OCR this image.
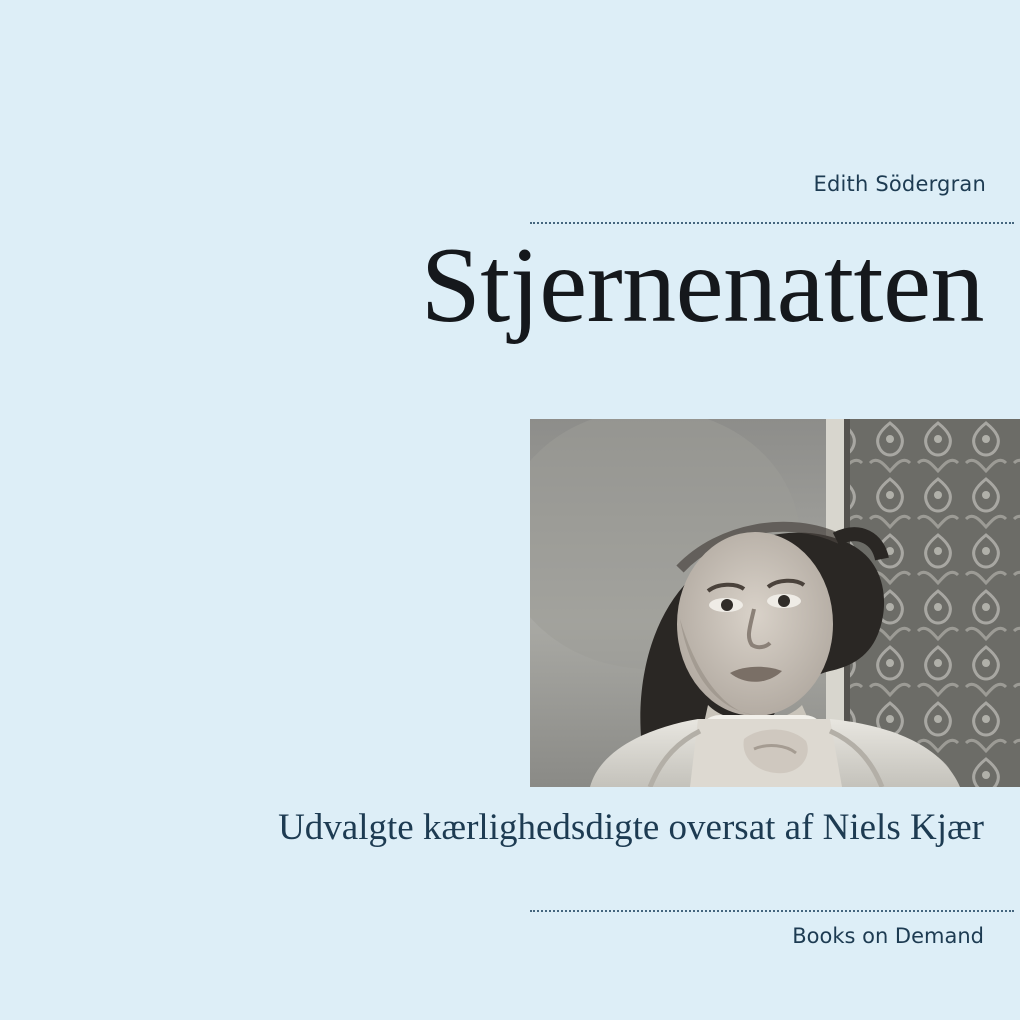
Edith Södergran
Stjernenatten
Udvalgte kærlighedsdigte oversat af Niels Kjær
Books on Demand
